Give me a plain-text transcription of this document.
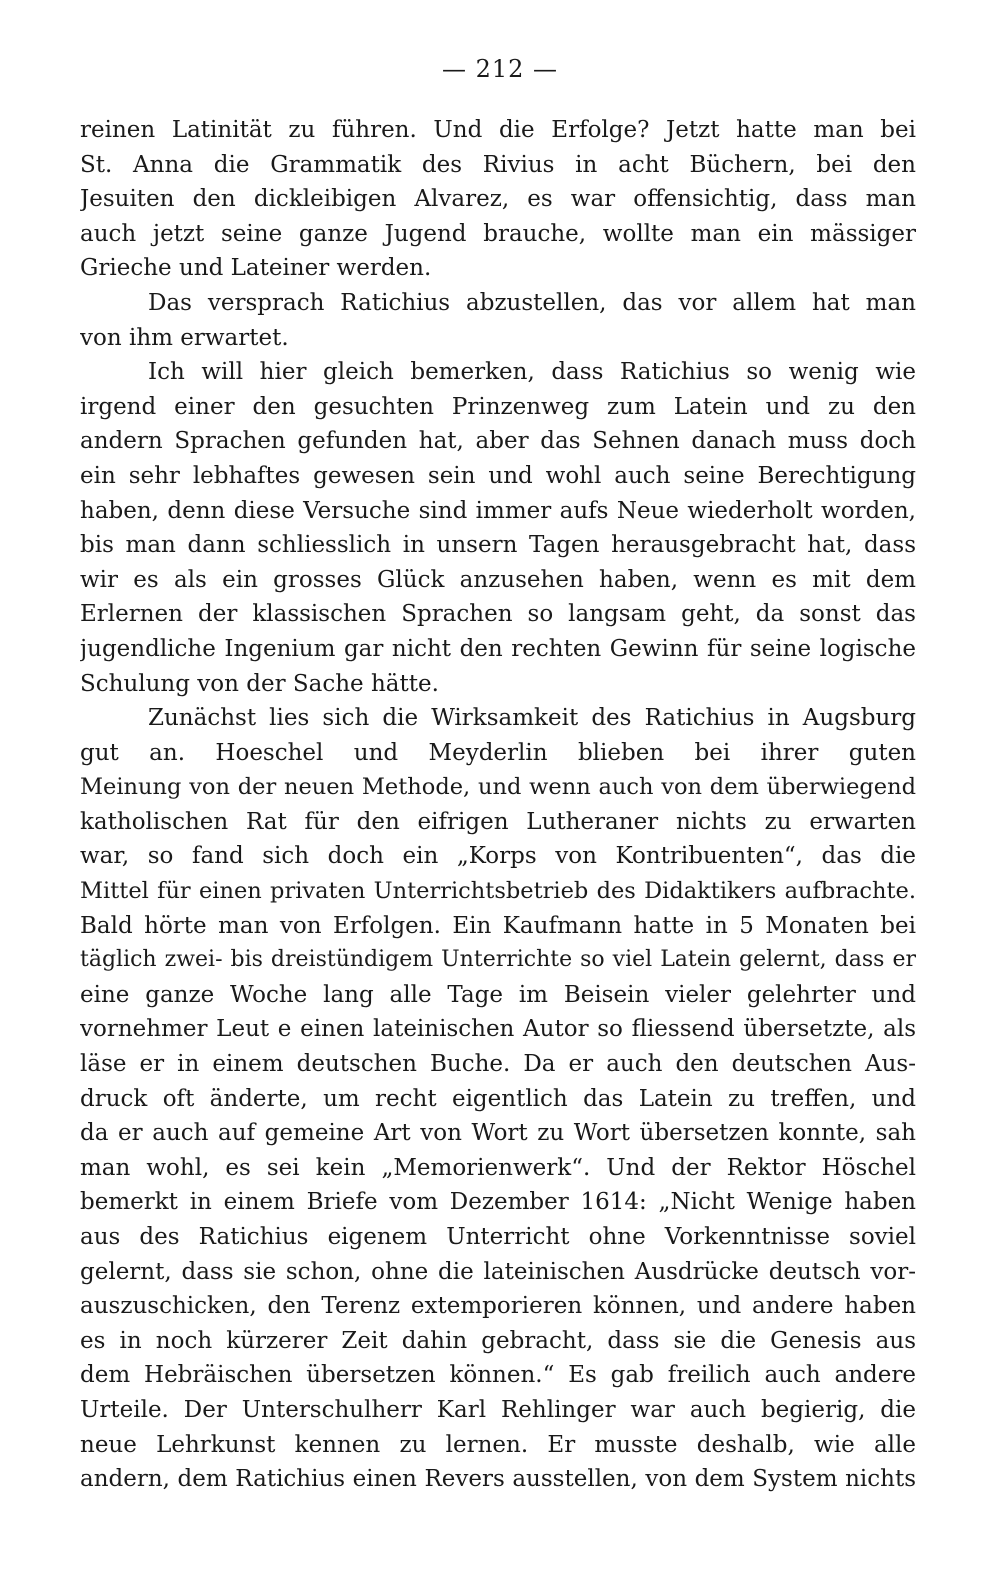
— 212 —
reinen Latinität zu führen. Und die Erfolge? Jetzt hatte man bei
St. Anna die Grammatik des Rivius in acht Büchern, bei den
Jesuiten den dickleibigen Alvarez, es war offensichtig, dass man
auch jetzt seine ganze Jugend brauche, wollte man ein mässiger
Grieche und Lateiner werden.
Das versprach Ratichius abzustellen, das vor allem hat man
von ihm erwartet.
Ich will hier gleich bemerken, dass Ratichius so wenig wie
irgend einer den gesuchten Prinzenweg zum Latein und zu den
andern Sprachen gefunden hat, aber das Sehnen danach muss doch
ein sehr lebhaftes gewesen sein und wohl auch seine Berechtigung
haben, denn diese Versuche sind immer aufs Neue wiederholt worden,
bis man dann schliesslich in unsern Tagen herausgebracht hat, dass
wir es als ein grosses Glück anzusehen haben, wenn es mit dem
Erlernen der klassischen Sprachen so langsam geht, da sonst das
jugendliche Ingenium gar nicht den rechten Gewinn für seine logische
Schulung von der Sache hätte.
Zunächst lies sich die Wirksamkeit des Ratichius in Augsburg
gut an. Hoeschel und Meyderlin blieben bei ihrer guten
Meinung von der neuen Methode, und wenn auch von dem überwiegend
katholischen Rat für den eifrigen Lutheraner nichts zu erwarten
war, so fand sich doch ein „Korps von Kontribuenten“, das die
Mittel für einen privaten Unterrichtsbetrieb des Didaktikers aufbrachte.
Bald hörte man von Erfolgen. Ein Kaufmann hatte in 5 Monaten bei
täglich zwei- bis dreistündigem Unterrichte so viel Latein gelernt, dass er
eine ganze Woche lang alle Tage im Beisein vieler gelehrter und
vornehmer Leut e einen lateinischen Autor so fliessend übersetzte, als
läse er in einem deutschen Buche. Da er auch den deutschen Aus-
druck oft änderte, um recht eigentlich das Latein zu treffen, und
da er auch auf gemeine Art von Wort zu Wort übersetzen konnte, sah
man wohl, es sei kein „Memorienwerk“. Und der Rektor Höschel
bemerkt in einem Briefe vom Dezember 1614: „Nicht Wenige haben
aus des Ratichius eigenem Unterricht ohne Vorkenntnisse soviel
gelernt, dass sie schon, ohne die lateinischen Ausdrücke deutsch vor-
auszuschicken, den Terenz extemporieren können, und andere haben
es in noch kürzerer Zeit dahin gebracht, dass sie die Genesis aus
dem Hebräischen übersetzen können.“ Es gab freilich auch andere
Urteile. Der Unterschulherr Karl Rehlinger war auch begierig, die
neue Lehrkunst kennen zu lernen. Er musste deshalb, wie alle
andern, dem Ratichius einen Revers ausstellen, von dem System nichts
